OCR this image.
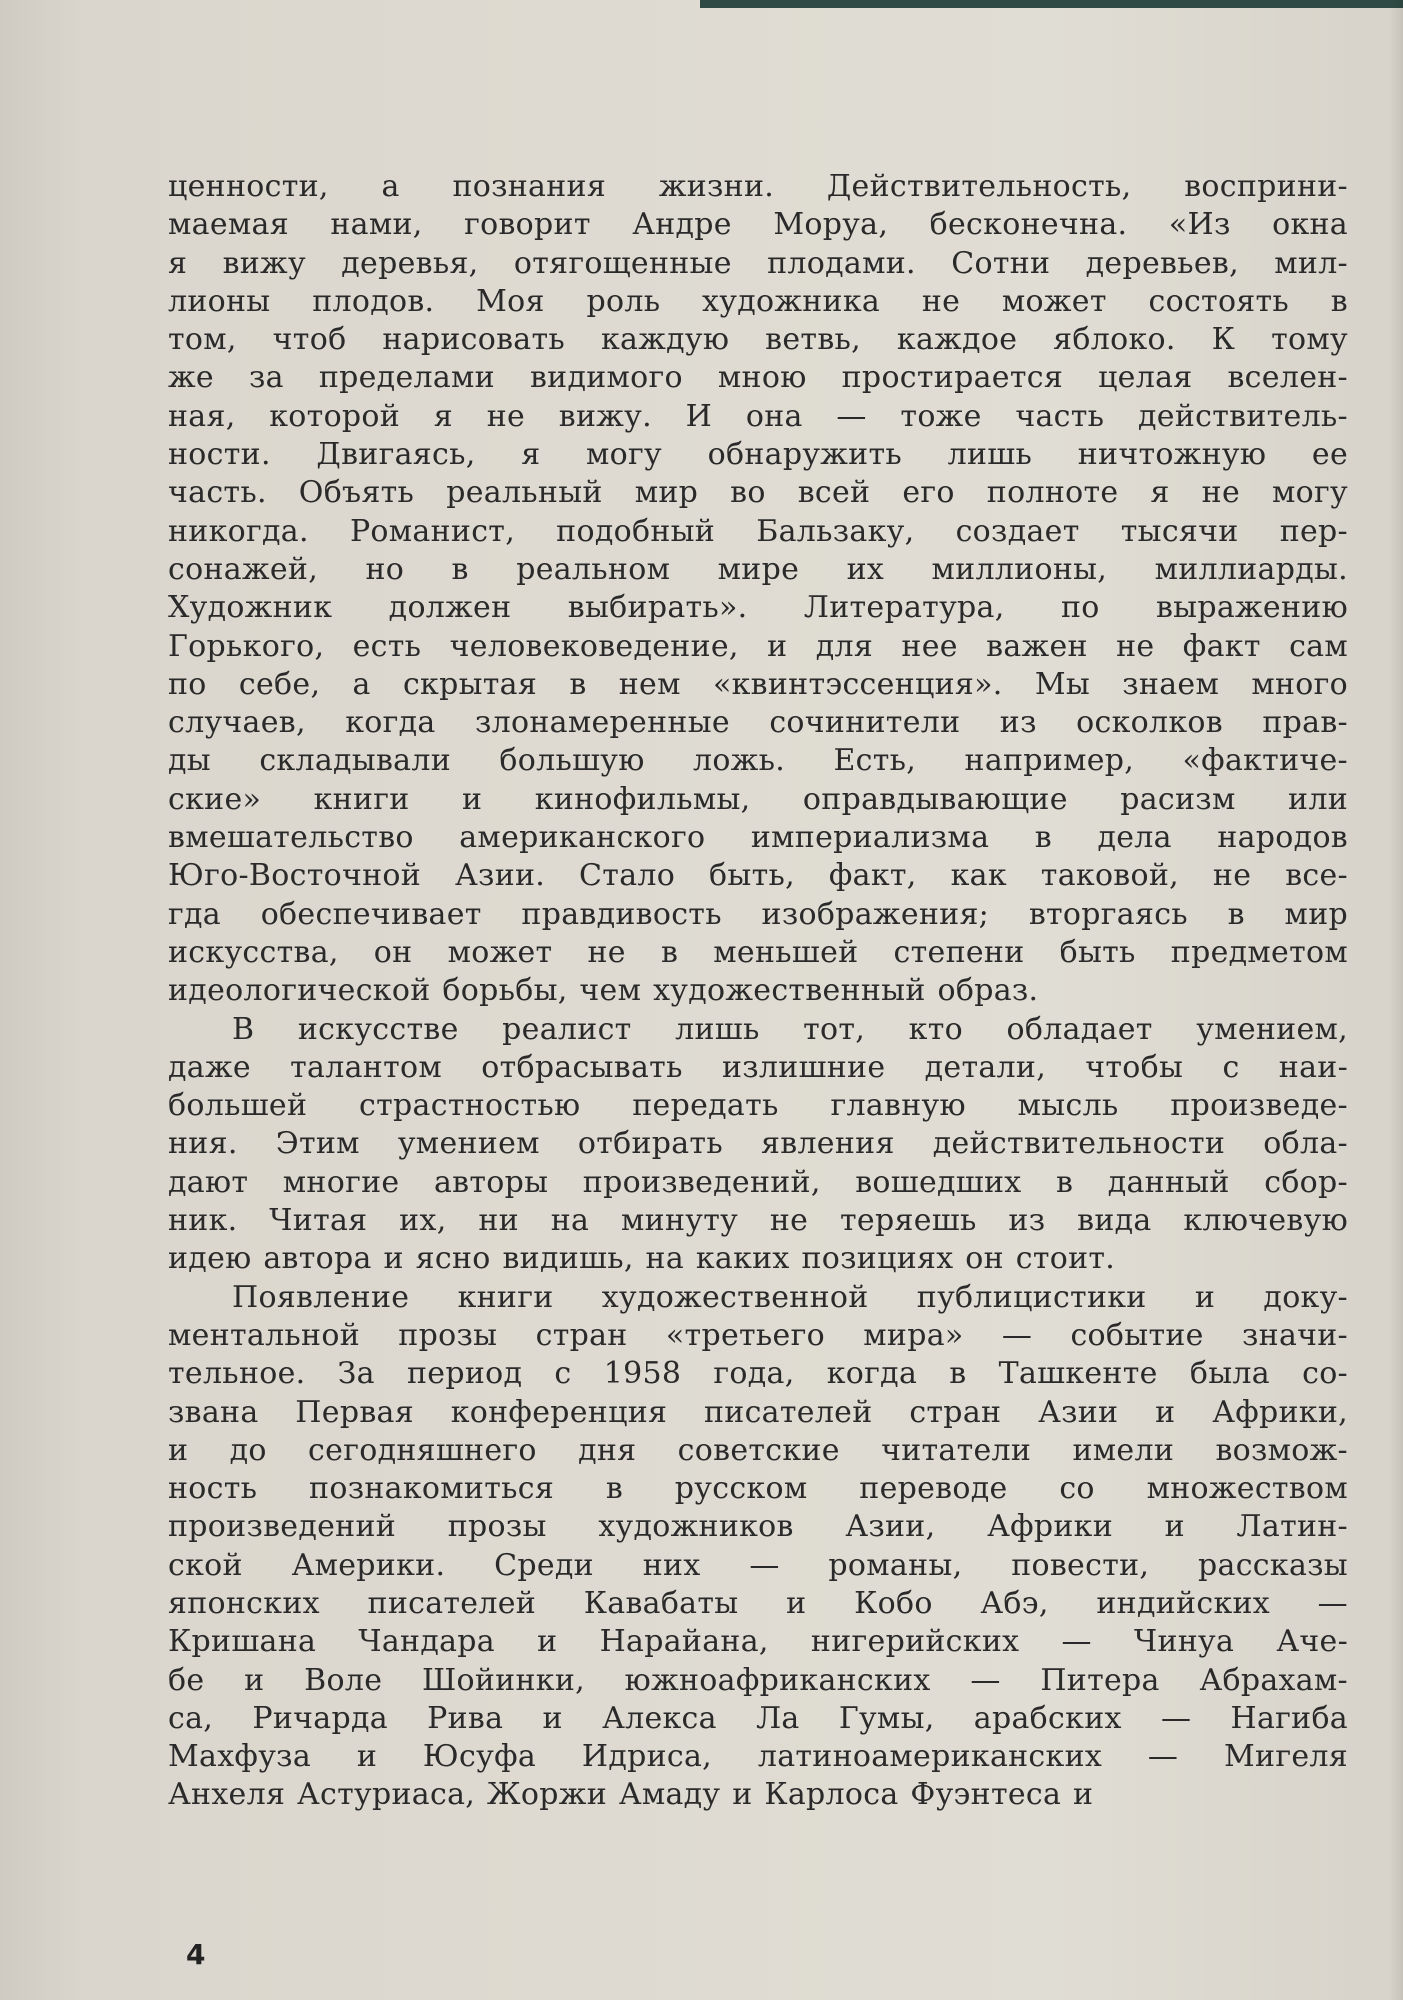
ценности, а познания жизни. Действительность, восприни-
маемая нами, говорит Андре Моруа, бесконечна. «Из окна
я вижу деревья, отягощенные плодами. Сотни деревьев, мил-
лионы плодов. Моя роль художника не может состоять в
том, чтоб нарисовать каждую ветвь, каждое яблоко. К тому
же за пределами видимого мною простирается целая вселен-
ная, которой я не вижу. И она — тоже часть действитель-
ности. Двигаясь, я могу обнаружить лишь ничтожную ее
часть. Объять реальный мир во всей его полноте я не могу
никогда. Романист, подобный Бальзаку, создает тысячи пер-
сонажей, но в реальном мире их миллионы, миллиарды.
Художник должен выбирать». Литература, по выражению
Горького, есть человековедение, и для нее важен не факт сам
по себе, а скрытая в нем «квинтэссенция». Мы знаем много
случаев, когда злонамеренные сочинители из осколков прав-
ды складывали большую ложь. Есть, например, «фактиче-
ские» книги и кинофильмы, оправдывающие расизм или
вмешательство американского империализма в дела народов
Юго-Восточной Азии. Стало быть, факт, как таковой, не все-
гда обеспечивает правдивость изображения; вторгаясь в мир
искусства, он может не в меньшей степени быть предметом
идеологической борьбы, чем художественный образ.
В искусстве реалист лишь тот, кто обладает умением,
даже талантом отбрасывать излишние детали, чтобы с наи-
большей страстностью передать главную мысль произведе-
ния. Этим умением отбирать явления действительности обла-
дают многие авторы произведений, вошедших в данный сбор-
ник. Читая их, ни на минуту не теряешь из вида ключевую
идею автора и ясно видишь, на каких позициях он стоит.
Появление книги художественной публицистики и доку-
ментальной прозы стран «третьего мира» — событие значи-
тельное. За период с 1958 года, когда в Ташкенте была со-
звана Первая конференция писателей стран Азии и Африки,
и до сегодняшнего дня советские читатели имели возмож-
ность познакомиться в русском переводе со множеством
произведений прозы художников Азии, Африки и Латин-
ской Америки. Среди них — романы, повести, рассказы
японских писателей Кавабаты и Кобо Абэ, индийских —
Кришана Чандара и Нарайана, нигерийских — Чинуа Аче-
бе и Воле Шойинки, южноафриканских — Питера Абрахам-
са, Ричарда Рива и Алекса Ла Гумы, арабских — Нагиба
Махфуза и Юсуфа Идриса, латиноамериканских — Мигеля
Анхеля Астуриаса, Жоржи Амаду и Карлоса Фуэнтеса и
4
